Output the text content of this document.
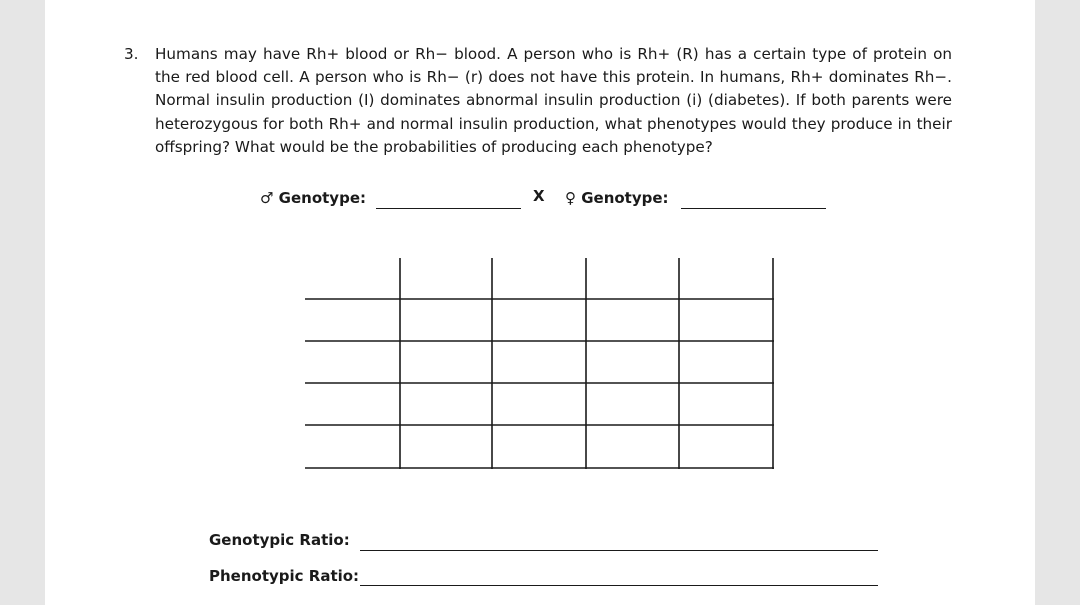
3. Humans may have Rh+ blood or Rh− blood. A person who is Rh+ (R) has a certain type of protein on the red blood cell. A person who is Rh− (r) does not have this protein. In humans, Rh+ dominates Rh−. Normal insulin production (I) dominates abnormal insulin production (i) (diabetes). If both parents were heterozygous for both Rh+ and normal insulin production, what phenotypes would they produce in their offspring? What would be the probabilities of producing each phenotype?
♂ Genotype:	X ♀ Genotype:
Genotypic Ratio:
Phenotypic Ratio:
